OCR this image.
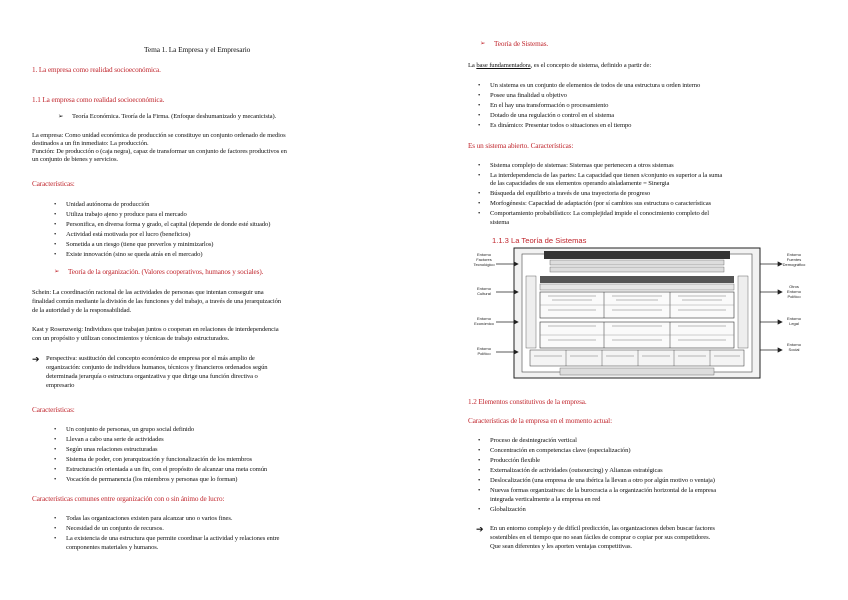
Tema 1. La Empresa y el Empresario
1. La empresa como realidad socioeconómica.
1.1 La empresa como realidad socioeconómica.
➢ Teoría Económica. Teoría de la Firma. (Enfoque deshumanizado y mecanicista).
La empresa: Como unidad económica de producción se constituye un conjunto ordenado de medios
destinados a un fin inmediato: La producción.
Función: De producción o (caja negra), capaz de transformar un conjunto de factores productivos en
un conjunto de bienes y servicios.
Características:
• Unidad autónoma de producción
• Utiliza trabajo ajeno y produce para el mercado
• Personifica, en diversa forma y grado, el capital (depende de donde esté situado)
• Actividad está motivada por el lucro (beneficios)
• Sometida a un riesgo (tiene que preverlos y minimizarlos)
• Existe innovación (sino se queda atrás en el mercado)
➢ Teoría de la organización. (Valores cooperativos, humanos y sociales).
Schein: La coordinación racional de las actividades de personas que intentan conseguir una
finalidad común mediante la división de las funciones y del trabajo, a través de una jerarquización
de la autoridad y de la responsabilidad.
Kast y Rosenzweig: Individuos que trabajan juntos o cooperan en relaciones de interdependencia
con un propósito y utilizan conocimientos y técnicas de trabajo estructurados.
➔ Perspectiva: sustitución del concepto económico de empresa por el más amplio de
organización: conjunto de individuos humanos, técnicos y financieros ordenados según
determinada jerarquía o estructura organizativa y que dirige una función directiva o
empresario
Características:
• Un conjunto de personas, un grupo social definido
• Llevan a cabo una serie de actividades
• Según unas relaciones estructuradas
• Sistema de poder, con jerarquización y funcionalización de los miembros
• Estructuración orientada a un fin, con el propósito de alcanzar una meta común
• Vocación de permanencia (los miembros y personas que lo forman)
Características comunes entre organización con o sin ánimo de lucro:
• Todas las organizaciones existen para alcanzar uno o varios fines.
• Necesidad de un conjunto de recursos.
• La existencia de una estructura que permite coordinar la actividad y relaciones entre
componentes materiales y humanos.
➢ Teoría de Sistemas.
La base fundamentadora, es el concepto de sistema, definido a partir de:
• Un sistema es un conjunto de elementos de todos de una estructura u orden interno
• Posee una finalidad u objetivo
• En el hay una transformación o procesamiento
• Dotado de una regulación o control en el sistema
• Es dinámico: Presentar todos o situaciones en el tiempo
Es un sistema abierto. Características:
• Sistema complejo de sistemas: Sistemas que pertenecen a otros sistemas
• La interdependencia de las partes: La capacidad que tienen s/conjunto es superior a la suma
de las capacidades de sus elementos operando aisladamente = Sinergia
• Búsqueda del equilibrio a través de una trayectoria de progreso
• Morfogénesis: Capacidad de adaptación (por sí cambios sus estructura o características
• Comportamiento probabilístico: La complejidad impide el conocimiento completo del
sistema
1.1.3 La Teoría de Sistemas
Entorno
Factores
Tecnológico
Entorno
Cultural
Entorno
Económico
Entorno
Político
Entorno
Fuentes
Demográfico
Otros
Entorno
Político
Entorno
Legal
Entorno
Social
1.2 Elementos constitutivos de la empresa.
Características de la empresa en el momento actual:
• Proceso de desintegración vertical
• Concentración en competencias clave (especialización)
• Producción flexible
• Externalización de actividades (outsourcing) y Alianzas estratégicas
• Deslocalización (una empresa de una ibérica la llevan a otro por algún motivo o ventaja)
• Nuevas formas organizativas: de la burocracia a la organización horizontal de la empresa
integrada verticalmente a la empresa en red
• Globalización
➔ En un entorno complejo y de difícil predicción, las organizaciones deben buscar factores
sostenibles en el tiempo que no sean fáciles de comprar o copiar por sus competidores.
Que sean diferentes y les aporten ventajas competitivas.
